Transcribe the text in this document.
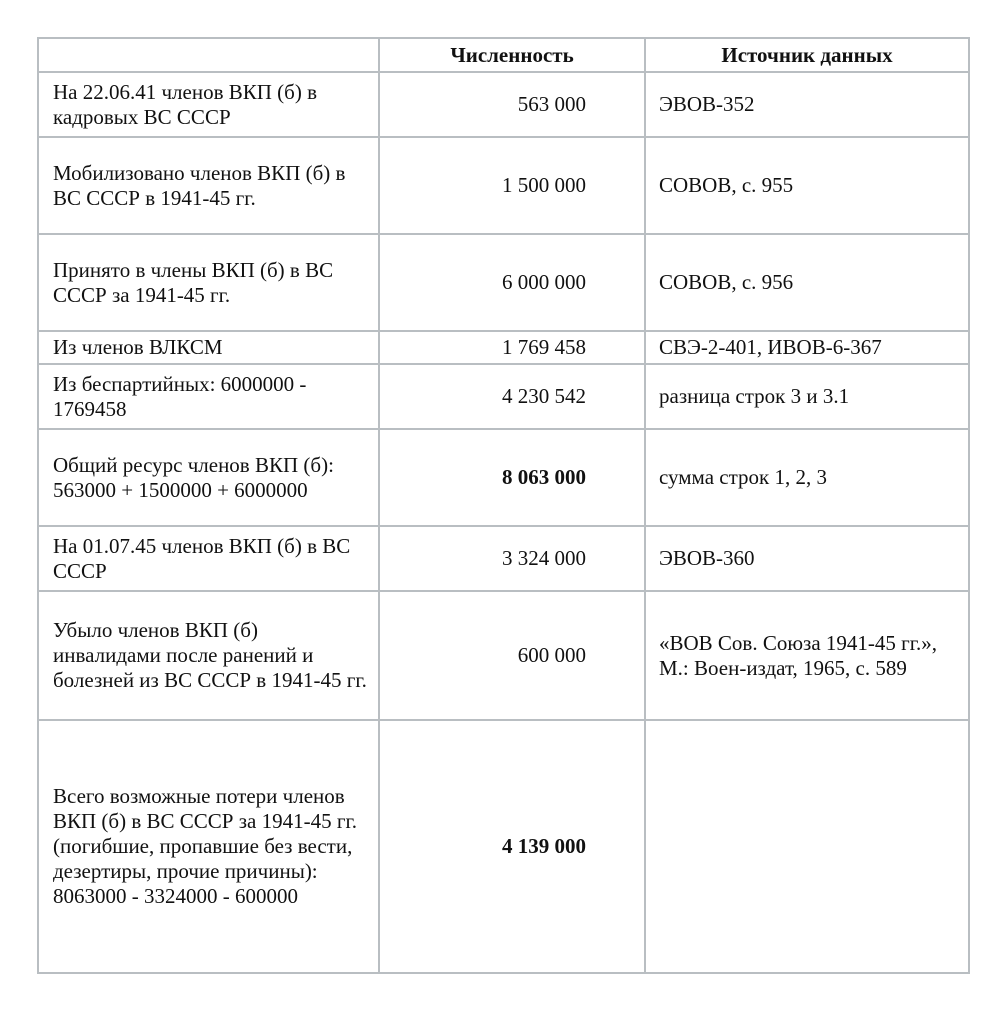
	Численность	Источник данных
На 22.06.41 членов ВКП (б) в кадровых ВС СССР	563 000	ЭВОВ-352
Мобилизовано членов ВКП (б) в ВС СССР в 1941-45 гг.	1 500 000	СОВОВ, с. 955
Принято в члены ВКП (б) в ВС СССР за 1941-45 гг.	6 000 000	СОВОВ, с. 956
Из членов ВЛКСМ	1 769 458	СВЭ-2-401, ИВОВ-6-367
Из беспартийных: 6000000 - 1769458	4 230 542	разница строк 3 и 3.1
Общий ресурс членов ВКП (б): 563000 + 1500000 + 6000000	8 063 000	сумма строк 1, 2, 3
На 01.07.45 членов ВКП (б) в ВС СССР	3 324 000	ЭВОВ-360
Убыло членов ВКП (б) инвалидами после ранений и болезней из ВС СССР в 1941-45 гг.	600 000	«ВОВ Сов. Союза 1941-45 гг.», М.: Воен-издат, 1965, с. 589
Всего возможные потери членов ВКП (б) в ВС СССР за 1941-45 гг. (погибшие, пропавшие без вести, дезертиры, прочие причины): 8063000 - 3324000 - 600000	4 139 000	
